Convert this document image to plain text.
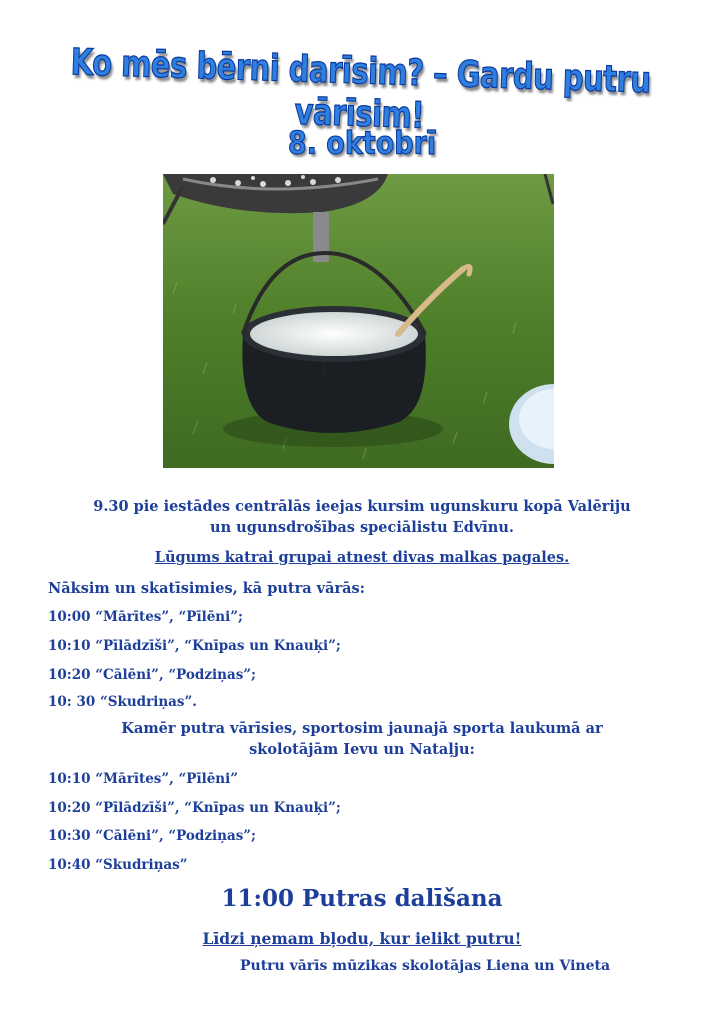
Ko mēs bērni darīsim? – Gardu putru vārīsim!
8. oktobrī
9.30 pie iestādes centrālās ieejas kursim ugunskuru kopā Valēriju
un ugunsdrošības speciālistu Edvīnu.
Lūgums katrai grupai atnest divas malkas pagales.
Nāksim un skatīsimies, kā putra vārās:
10:00 “Mārītes”, “Pīlēni”;
10:10 “Pīlādzīši”, “Knīpas un Knauķi”;
10:20 “Cālēni”, “Podziņas”;
10: 30 “Skudriņas”.
Kamēr putra vārīsies, sportosim jaunajā sporta laukumā ar
skolotājām Ievu un Nataļju:
10:10 “Mārītes”, “Pīlēni”
10:20 “Pīlādzīši”, “Knīpas un Knauķi”;
10:30 “Cālēni”, “Podziņas”;
10:40 “Skudriņas”
11:00 Putras dalīšana
Līdzi ņemam bļodu, kur ielikt putru!
Putru vārīs mūzikas skolotājas Liena un Vineta
